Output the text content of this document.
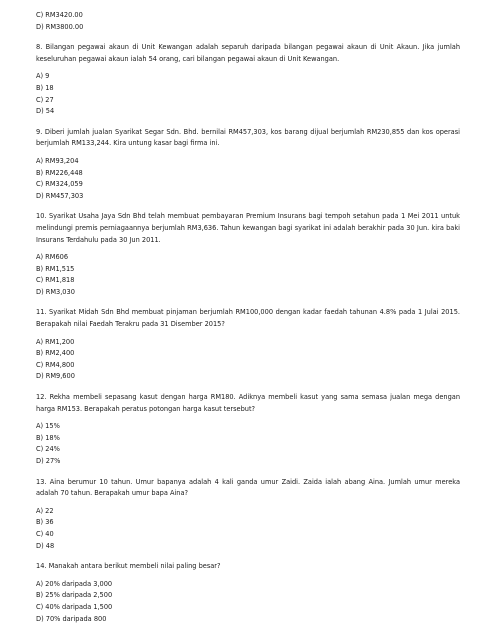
C) RM3420.00
D) RM3800.00
8. Bilangan pegawai akaun di Unit Kewangan adalah separuh daripada bilangan pegawai akaun di Unit Akaun. Jika jumlah keseluruhan pegawai akaun ialah 54 orang, cari bilangan pegawai akaun di Unit Kewangan.
A) 9
B) 18
C) 27
D) 54
9. Diberi jumlah jualan Syarikat Segar Sdn. Bhd. bernilai RM457,303, kos barang dijual berjumlah RM230,855 dan kos operasi berjumlah RM133,244. Kira untung kasar bagi firma ini.
A) RM93,204
B) RM226,448
C) RM324,059
D) RM457,303
10. Syarikat Usaha Jaya Sdn Bhd telah membuat pembayaran Premium Insurans bagi tempoh setahun pada 1 Mei 2011 untuk melindungi premis perniagaannya berjumlah RM3,636. Tahun kewangan bagi syarikat ini adalah berakhir pada 30 Jun. kira baki Insurans Terdahulu pada 30 Jun 2011.
A) RM606
B) RM1,515
C) RM1,818
D) RM3,030
11. Syarikat Midah Sdn Bhd membuat pinjaman berjumlah RM100,000 dengan kadar faedah tahunan 4.8% pada 1 Julai 2015. Berapakah nilai Faedah Terakru pada 31 Disember 2015?
A) RM1,200
B) RM2,400
C) RM4,800
D) RM9,600
12. Rekha membeli sepasang kasut dengan harga RM180. Adiknya membeli kasut yang sama semasa jualan mega dengan harga RM153. Berapakah peratus potongan harga kasut tersebut?
A) 15%
B) 18%
C) 24%
D) 27%
13. Aina berumur 10 tahun. Umur bapanya adalah 4 kali ganda umur Zaidi. Zaida ialah abang Aina. Jumlah umur mereka adalah 70 tahun. Berapakah umur bapa Aina?
A) 22
B) 36
C) 40
D) 48
14. Manakah antara berikut membeli nilai paling besar?
A) 20% daripada 3,000
B) 25% daripada 2,500
C) 40% daripada 1,500
D) 70% daripada 800
